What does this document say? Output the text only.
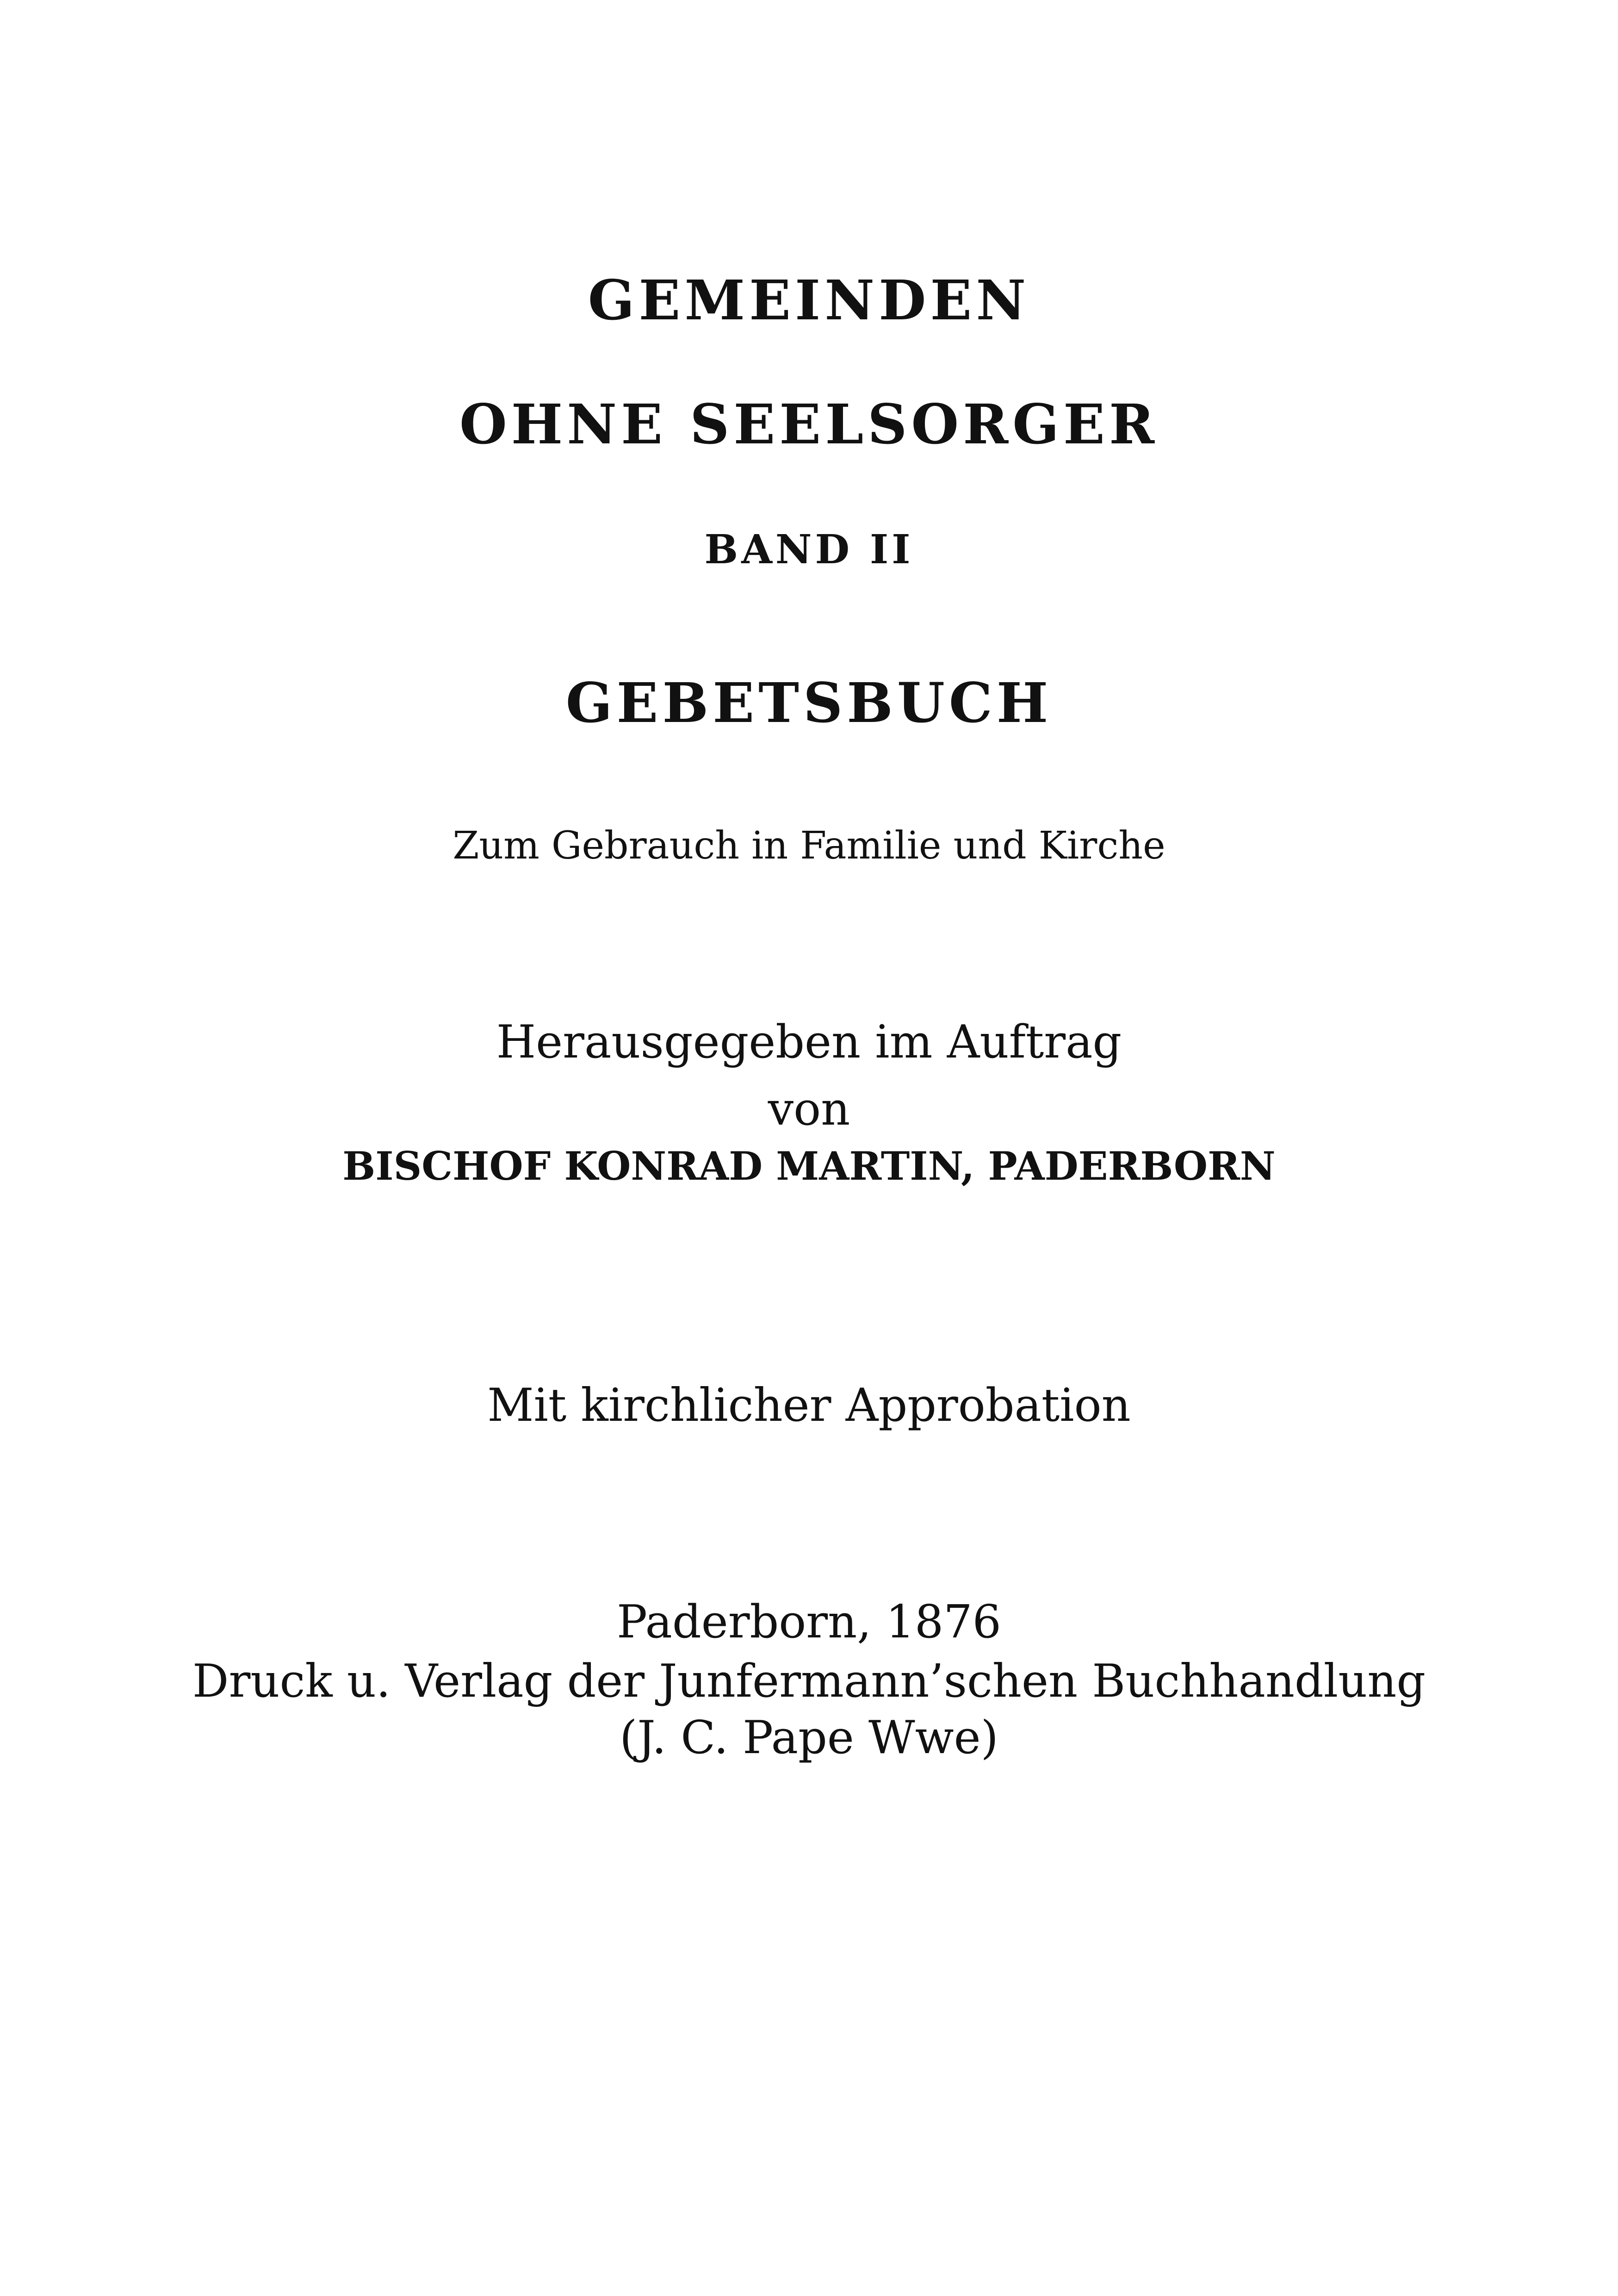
GEMEINDEN
OHNE SEELSORGER
BAND II
GEBETSBUCH
Zum Gebrauch in Familie und Kirche
Herausgegeben im Auftrag
von
BISCHOF KONRAD MARTIN, PADERBORN
Mit kirchlicher Approbation
Paderborn, 1876
Druck u. Verlag der Junfermann’schen Buchhandlung
(J. C. Pape Wwe)
